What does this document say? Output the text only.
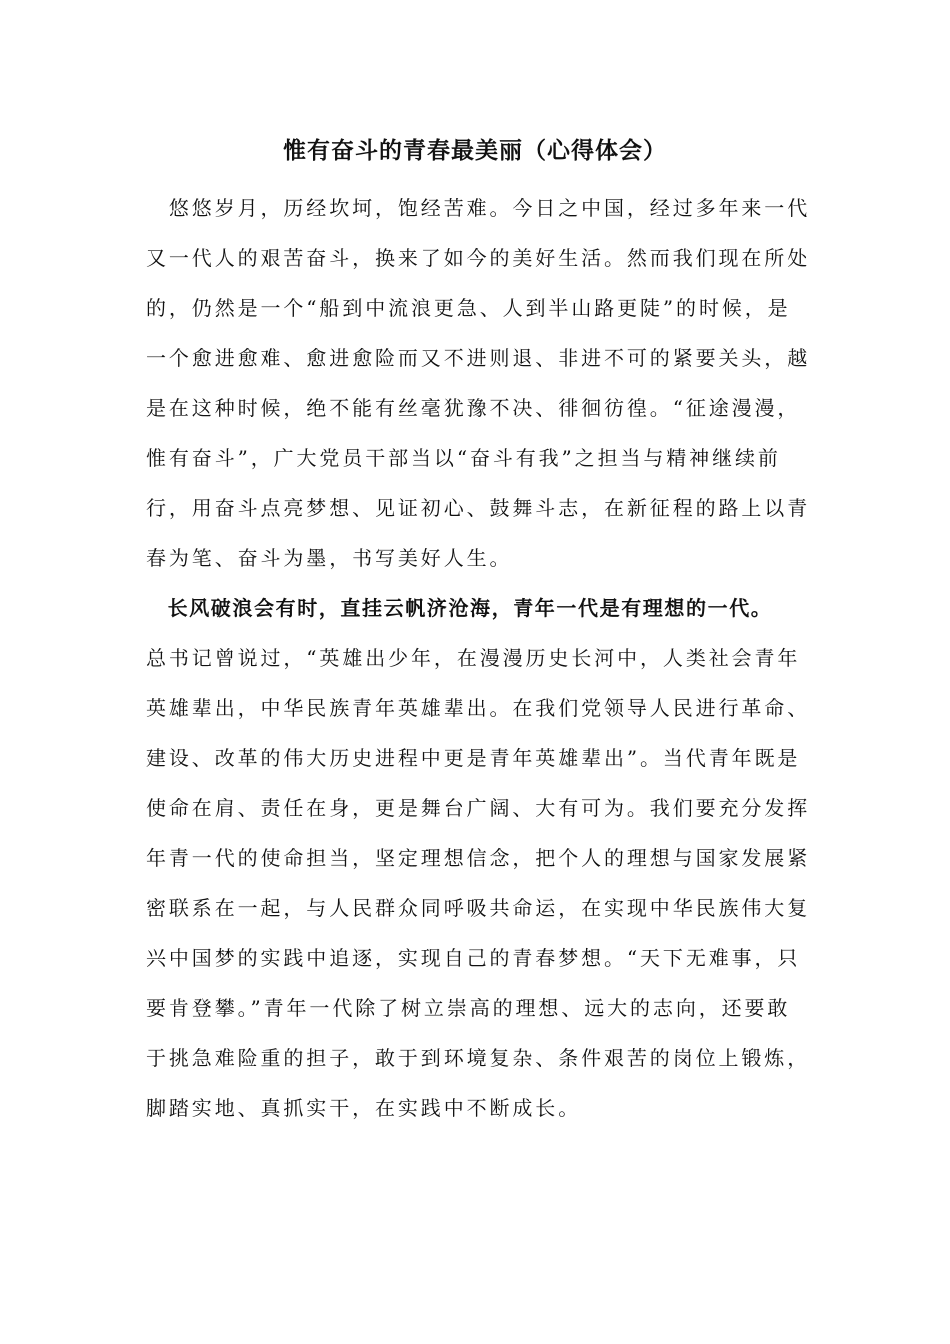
惟有奋斗的青春最美丽（心得体会）

　悠悠岁月，历经坎坷，饱经苦难。今日之中国，经过多年来一代

又一代人的艰苦奋斗，换来了如今的美好生活。然而我们现在所处

的，仍然是一个“船到中流浪更急、人到半山路更陡”的时候，是

一个愈进愈难、愈进愈险而又不进则退、非进不可的紧要关头，越

是在这种时候，绝不能有丝毫犹豫不决、徘徊彷徨。“征途漫漫，

惟有奋斗”，广大党员干部当以“奋斗有我”之担当与精神继续前

行，用奋斗点亮梦想、见证初心、鼓舞斗志，在新征程的路上以青

春为笔、奋斗为墨，书写美好人生。

　长风破浪会有时，直挂云帆济沧海，青年一代是有理想的一代。

总书记曾说过，“英雄出少年，在漫漫历史长河中，人类社会青年

英雄辈出，中华民族青年英雄辈出。在我们党领导人民进行革命、

建设、改革的伟大历史进程中更是青年英雄辈出”。当代青年既是

使命在肩、责任在身，更是舞台广阔、大有可为。我们要充分发挥

年青一代的使命担当，坚定理想信念，把个人的理想与国家发展紧

密联系在一起，与人民群众同呼吸共命运，在实现中华民族伟大复

兴中国梦的实践中追逐，实现自己的青春梦想。“天下无难事，只

要肯登攀。”青年一代除了树立崇高的理想、远大的志向，还要敢

于挑急难险重的担子，敢于到环境复杂、条件艰苦的岗位上锻炼，

脚踏实地、真抓实干，在实践中不断成长。
